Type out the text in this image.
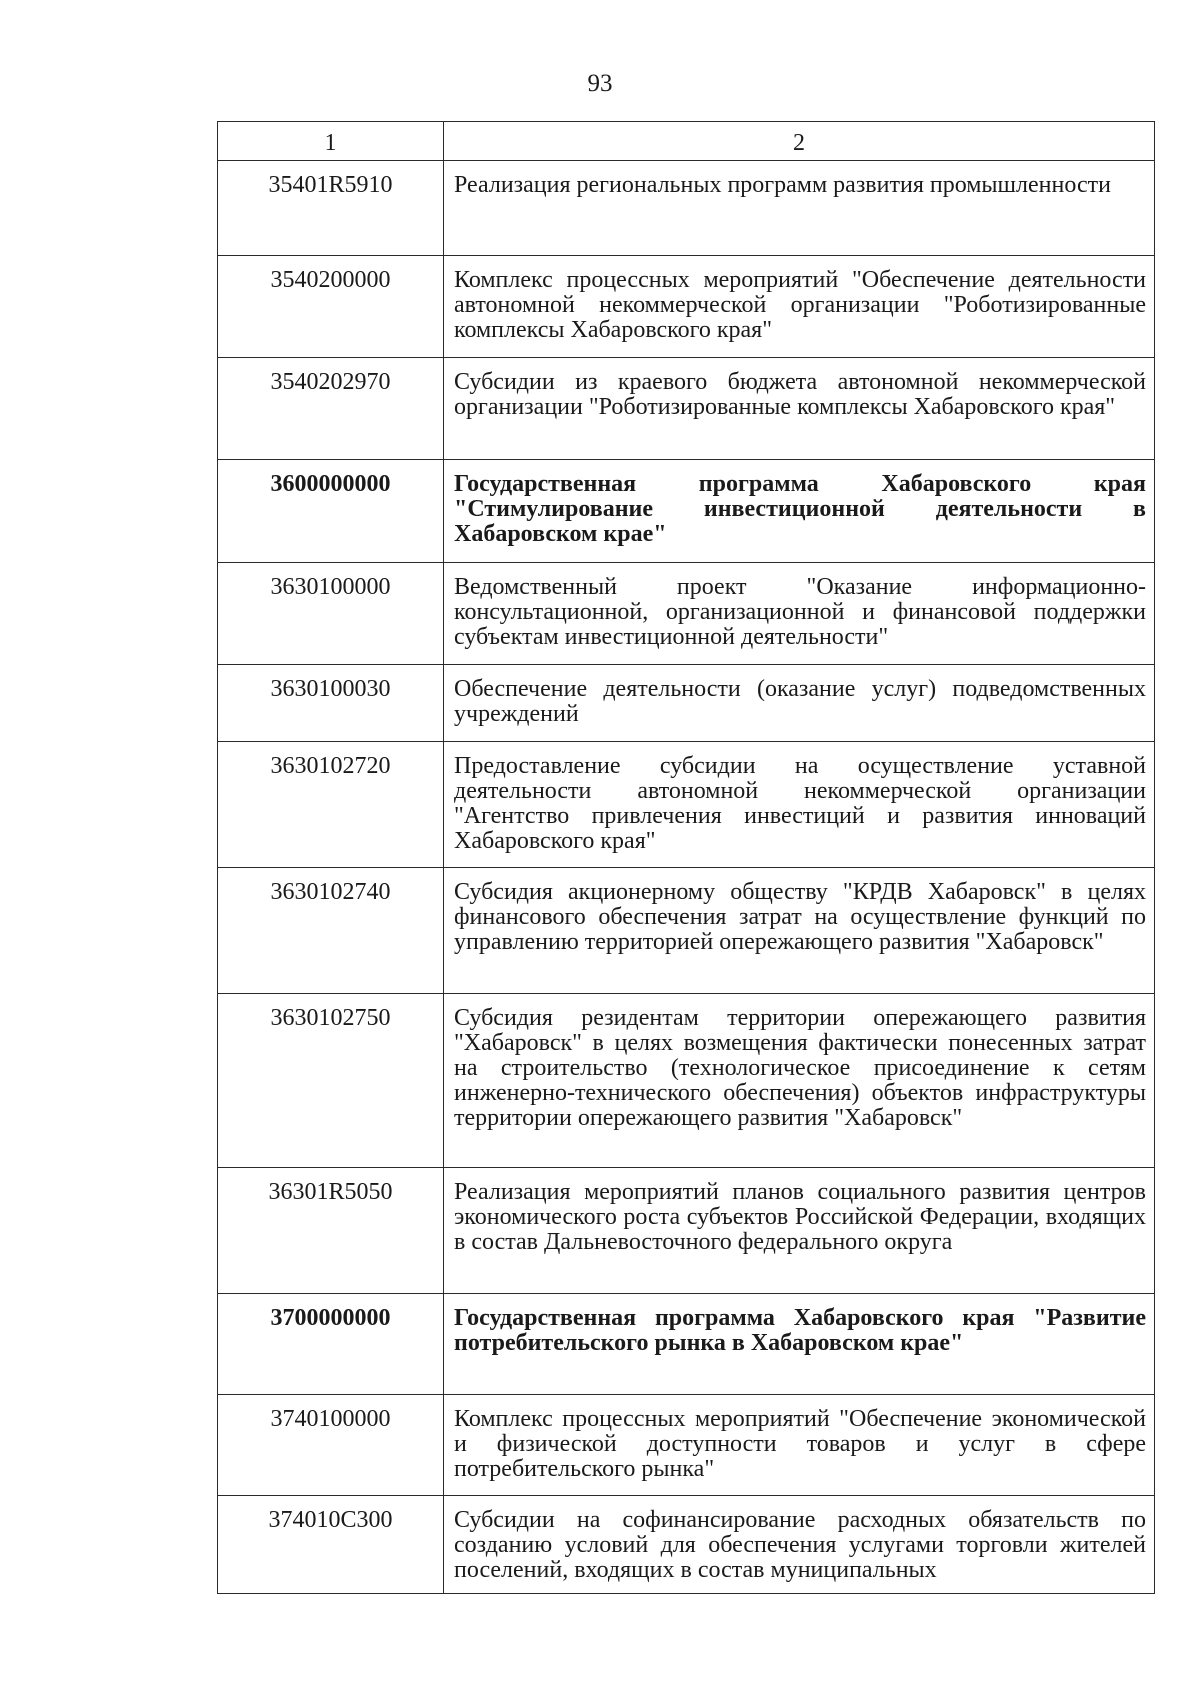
93
1	2
35401R5910	Реализация региональных программ развития промышленности
3540200000	Комплекс процессных мероприятий "Обеспечение деятельности автономной некоммерческой организации "Роботизированные комплексы Хабаровского края"
3540202970	Субсидии из краевого бюджета автономной некоммерческой организации "Роботизированные комплексы Хабаровского края"
3600000000	Государственная программа Хабаровского края "Стимулирование инвестиционной деятельности в Хабаровском крае"
3630100000	Ведомственный проект "Оказание информационно-консультационной, организационной и финансовой поддержки субъектам инвестиционной деятельности"
3630100030	Обеспечение деятельности (оказание услуг) подведомственных учреждений
3630102720	Предоставление субсидии на осуществление уставной деятельности автономной некоммерческой организации "Агентство привлечения инвестиций и развития инноваций Хабаровского края"
3630102740	Субсидия акционерному обществу "КРДВ Хабаровск" в целях финансового обеспечения затрат на осуществление функций по управлению территорией опережающего развития "Хабаровск"
3630102750	Субсидия резидентам территории опережающего развития "Хабаровск" в целях возмещения фактически понесенных затрат на строительство (технологическое присоединение к сетям инженерно-технического обеспечения) объектов инфраструктуры территории опережающего развития "Хабаровск"
36301R5050	Реализация мероприятий планов социального развития центров экономического роста субъектов Российской Федерации, входящих в состав Дальневосточного федерального округа
3700000000	Государственная программа Хабаровского края "Развитие потребительского рынка в Хабаровском крае"
3740100000	Комплекс процессных мероприятий "Обеспечение экономической и физической доступности товаров и услуг в сфере потребительского рынка"
374010С300	Субсидии на софинансирование расходных обязательств по созданию условий для обеспечения услугами торговли жителей поселений, входящих в состав муниципальных
